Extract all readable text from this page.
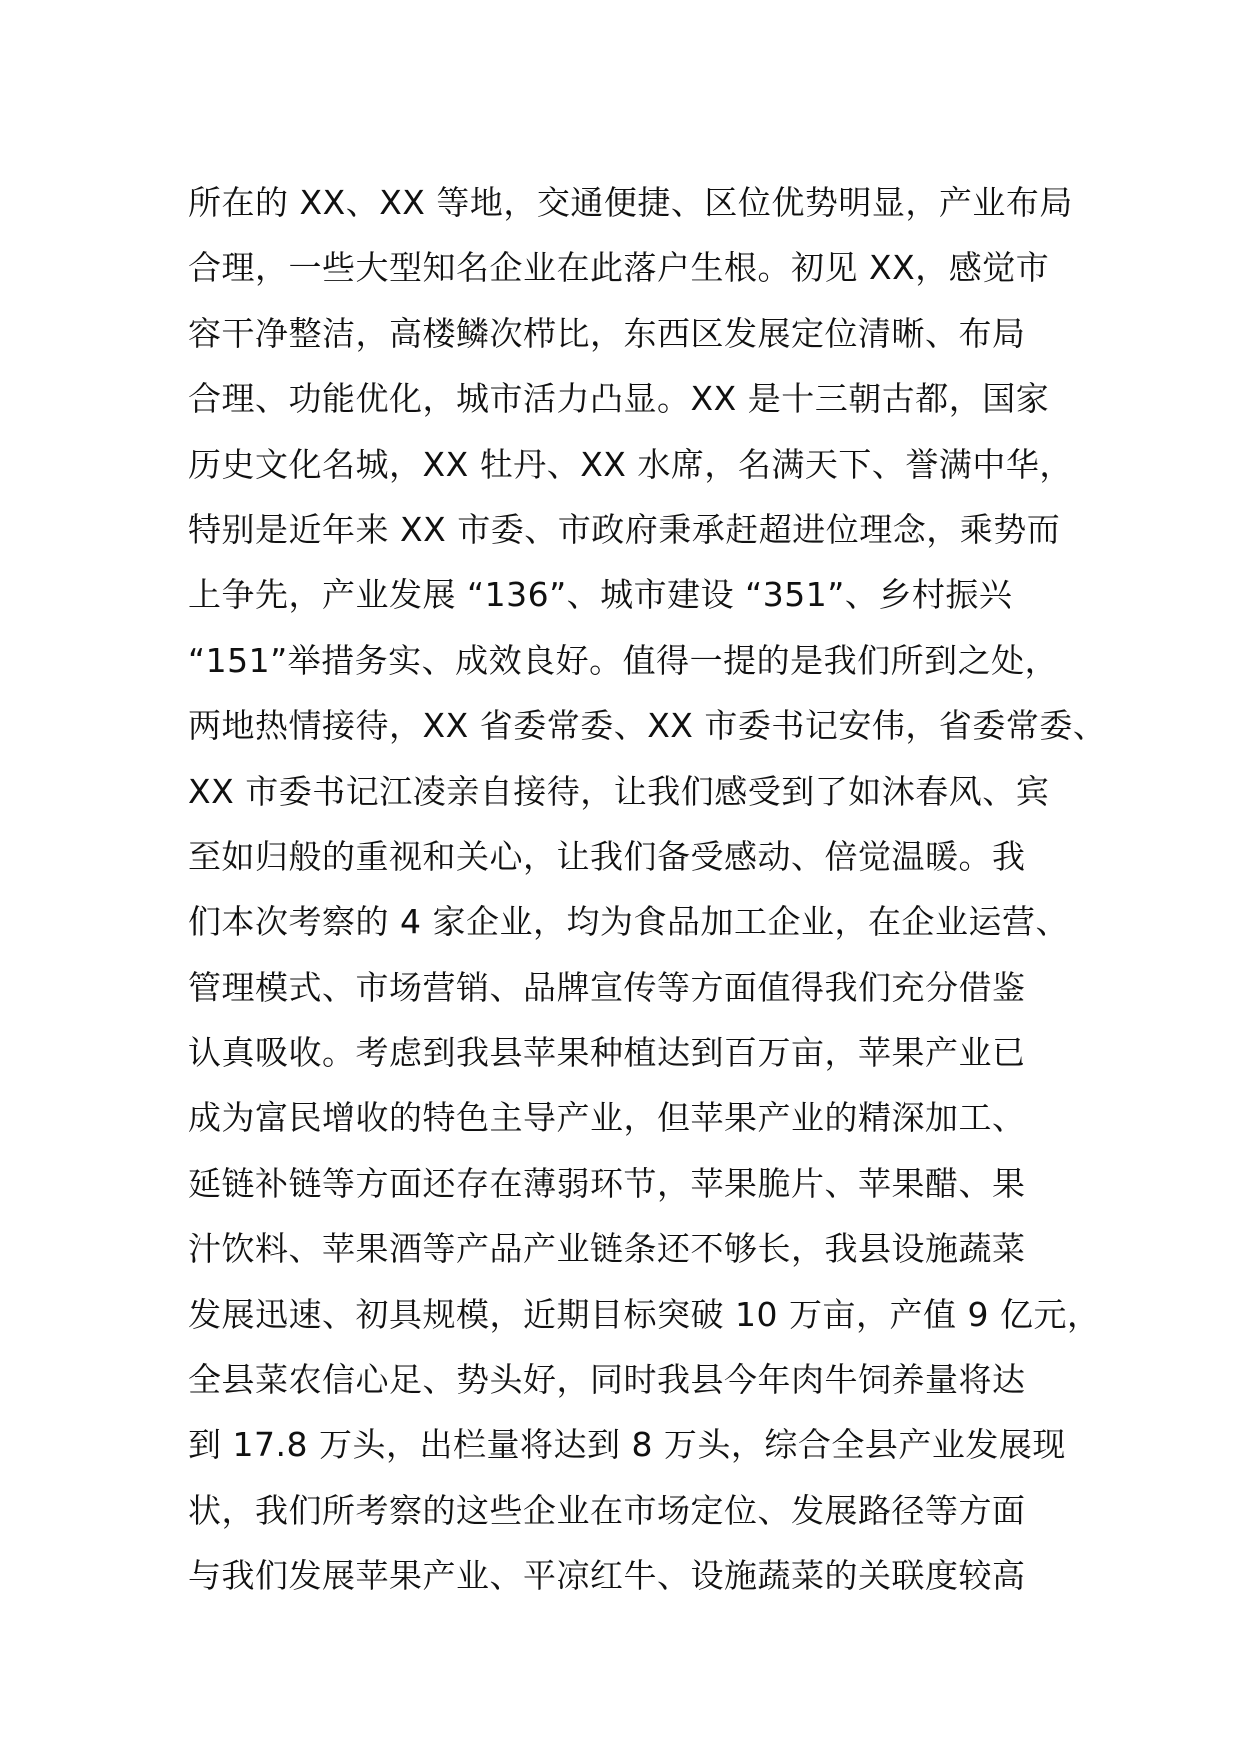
所在的 XX、XX 等地，交通便捷、区位优势明显，产业布局
合理，一些大型知名企业在此落户生根。初见 XX，感觉市
容干净整洁，高楼鳞次栉比，东西区发展定位清晰、布局
合理、功能优化，城市活力凸显。XX 是十三朝古都，国家
历史文化名城，XX 牡丹、XX 水席，名满天下、誉满中华，
特别是近年来 XX 市委、市政府秉承赶超进位理念，乘势而
上争先，产业发展 “136”、城市建设 “351”、乡村振兴
“151”举措务实、成效良好。值得一提的是我们所到之处，
两地热情接待，XX 省委常委、XX 市委书记安伟，省委常委、
XX 市委书记江凌亲自接待，让我们感受到了如沐春风、宾
至如归般的重视和关心，让我们备受感动、倍觉温暖。我
们本次考察的 4 家企业，均为食品加工企业，在企业运营、
管理模式、市场营销、品牌宣传等方面值得我们充分借鉴
认真吸收。考虑到我县苹果种植达到百万亩，苹果产业已
成为富民增收的特色主导产业，但苹果产业的精深加工、
延链补链等方面还存在薄弱环节，苹果脆片、苹果醋、果
汁饮料、苹果酒等产品产业链条还不够长，我县设施蔬菜
发展迅速、初具规模，近期目标突破 10 万亩，产值 9 亿元，
全县菜农信心足、势头好，同时我县今年肉牛饲养量将达
到 17.8 万头，出栏量将达到 8 万头，综合全县产业发展现
状，我们所考察的这些企业在市场定位、发展路径等方面
与我们发展苹果产业、平凉红牛、设施蔬菜的关联度较高
